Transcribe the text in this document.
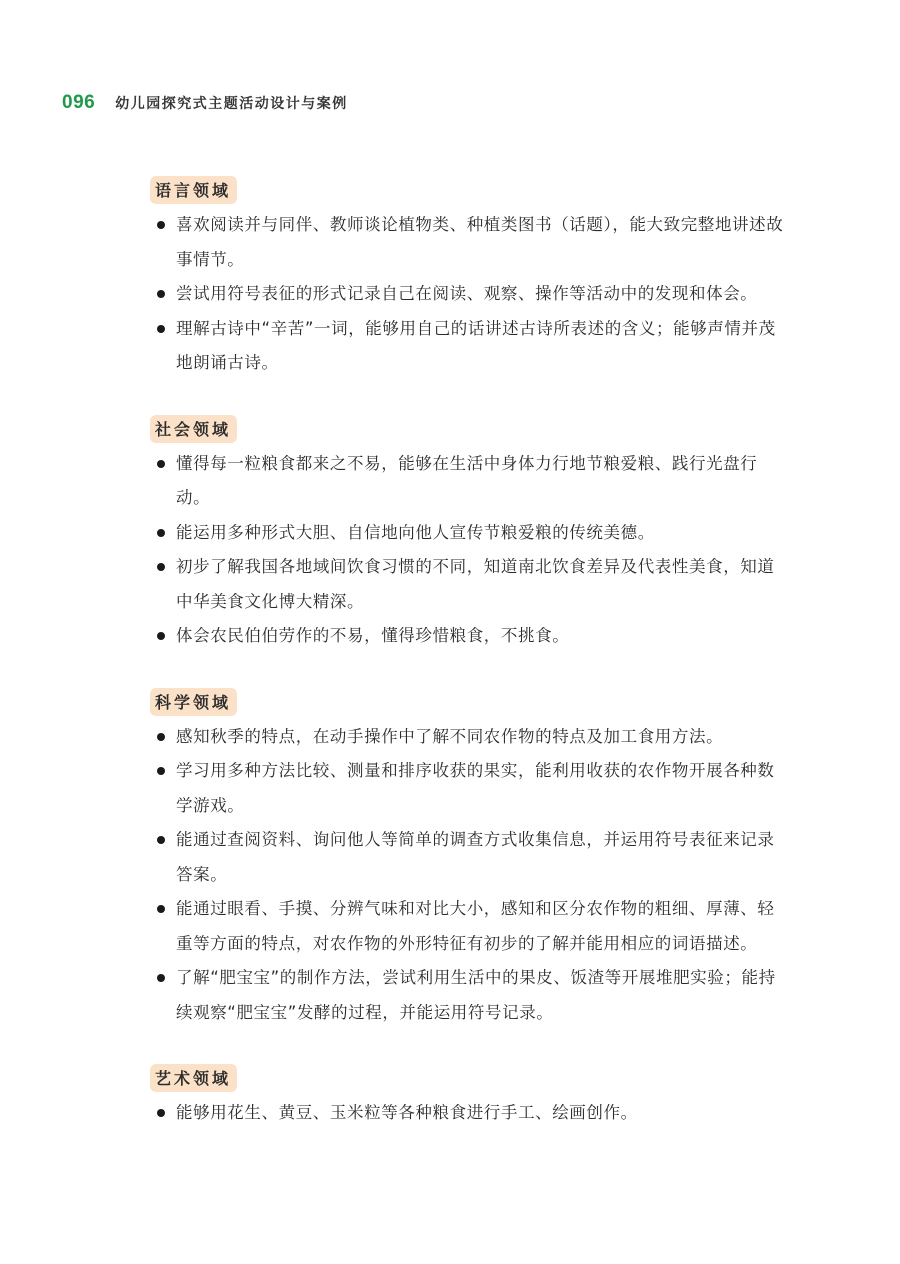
096 幼儿园探究式主题活动设计与案例
语言领域
喜欢阅读并与同伴、教师谈论植物类、种植类图书（话题），能大致完整地讲述故事情节。
尝试用符号表征的形式记录自己在阅读、观察、操作等活动中的发现和体会。
理解古诗中“辛苦”一词，能够用自己的话讲述古诗所表述的含义；能够声情并茂地朗诵古诗。
社会领域
懂得每一粒粮食都来之不易，能够在生活中身体力行地节粮爱粮、践行光盘行动。
能运用多种形式大胆、自信地向他人宣传节粮爱粮的传统美德。
初步了解我国各地域间饮食习惯的不同，知道南北饮食差异及代表性美食，知道中华美食文化博大精深。
体会农民伯伯劳作的不易，懂得珍惜粮食，不挑食。
科学领域
感知秋季的特点，在动手操作中了解不同农作物的特点及加工食用方法。
学习用多种方法比较、测量和排序收获的果实，能利用收获的农作物开展各种数学游戏。
能通过查阅资料、询问他人等简单的调查方式收集信息，并运用符号表征来记录答案。
能通过眼看、手摸、分辨气味和对比大小，感知和区分农作物的粗细、厚薄、轻重等方面的特点，对农作物的外形特征有初步的了解并能用相应的词语描述。
了解“肥宝宝”的制作方法，尝试利用生活中的果皮、饭渣等开展堆肥实验；能持续观察“肥宝宝”发酵的过程，并能运用符号记录。
艺术领域
能够用花生、黄豆、玉米粒等各种粮食进行手工、绘画创作。
